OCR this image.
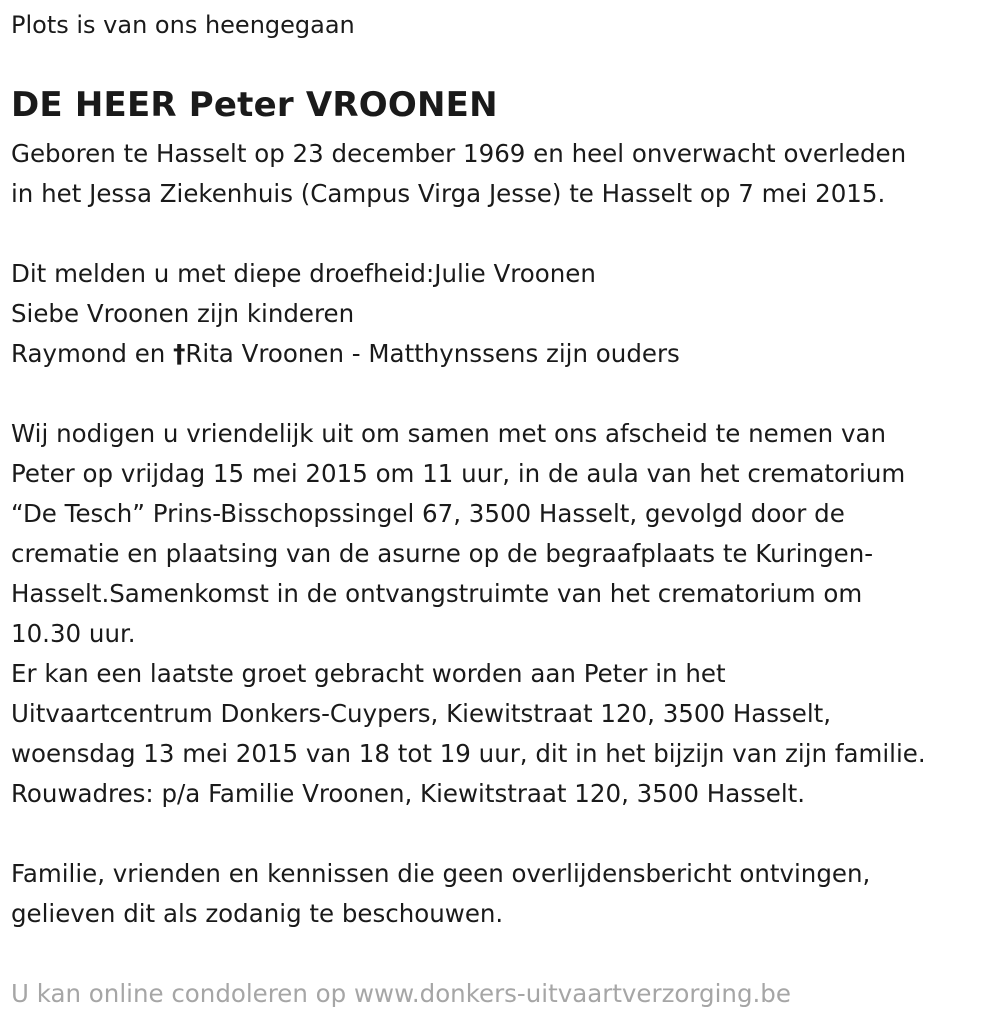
Plots is van ons heengegaan
DE HEER Peter VROONEN
Geboren te Hasselt op 23 december 1969 en heel onverwacht overleden
in het Jessa Ziekenhuis (Campus Virga Jesse) te Hasselt op 7 mei 2015.
Dit melden u met diepe droefheid:Julie Vroonen
Siebe Vroonen zijn kinderen
Raymond en †Rita Vroonen - Matthynssens zijn ouders
Wij nodigen u vriendelijk uit om samen met ons afscheid te nemen van
Peter op vrijdag 15 mei 2015 om 11 uur, in de aula van het crematorium
“De Tesch” Prins-Bisschopssingel 67, 3500 Hasselt, gevolgd door de
crematie en plaatsing van de asurne op de begraafplaats te Kuringen-
Hasselt.Samenkomst in de ontvangstruimte van het crematorium om
10.30 uur.
Er kan een laatste groet gebracht worden aan Peter in het
Uitvaartcentrum Donkers-Cuypers, Kiewitstraat 120, 3500 Hasselt,
woensdag 13 mei 2015 van 18 tot 19 uur, dit in het bijzijn van zijn familie.
Rouwadres: p/a Familie Vroonen, Kiewitstraat 120, 3500 Hasselt.
Familie, vrienden en kennissen die geen overlijdensbericht ontvingen,
gelieven dit als zodanig te beschouwen.
U kan online condoleren op www.donkers-uitvaartverzorging.be
